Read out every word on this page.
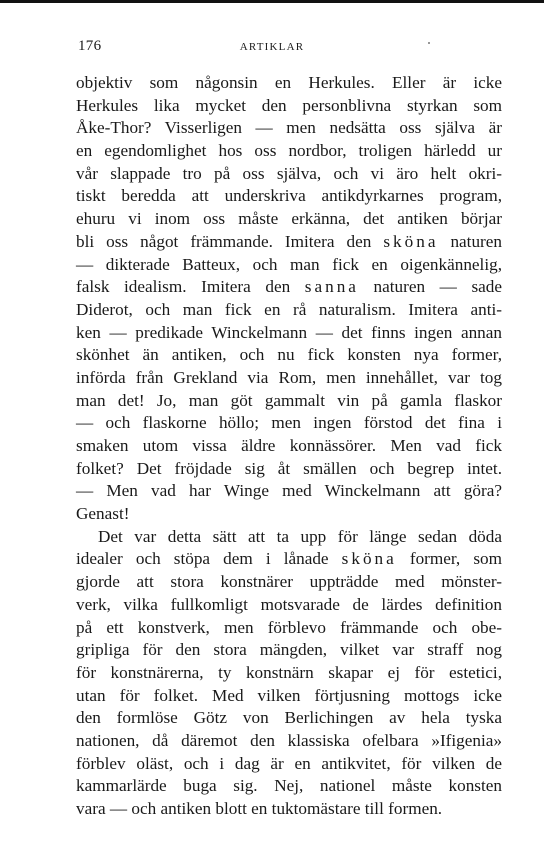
176	ARTIKLAR
objektiv som någonsin en Herkules. Eller är icke
Herkules lika mycket den personblivna styrkan som
Åke-Thor? Visserligen — men nedsätta oss själva är
en egendomlighet hos oss nordbor, troligen härledd ur
vår slappade tro på oss själva, och vi äro helt okri-
tiskt beredda att underskriva antikdyrkarnes program,
ehuru vi inom oss måste erkänna, det antiken börjar
bli oss något främmande. Imitera den sköna naturen
— dikterade Batteux, och man fick en oigenkännelig,
falsk idealism. Imitera den sanna naturen — sade
Diderot, och man fick en rå naturalism. Imitera anti-
ken — predikade Winckelmann — det finns ingen annan
skönhet än antiken, och nu fick konsten nya former,
införda från Grekland via Rom, men innehållet, var tog
man det! Jo, man göt gammalt vin på gamla flaskor
— och flaskorne höllo; men ingen förstod det fina i
smaken utom vissa äldre konnässörer. Men vad fick
folket? Det fröjdade sig åt smällen och begrep intet.
— Men vad har Winge med Winckelmann att göra?
Genast!
Det var detta sätt att ta upp för länge sedan döda
idealer och stöpa dem i lånade sköna former, som
gjorde att stora konstnärer uppträdde med mönster-
verk, vilka fullkomligt motsvarade de lärdes definition
på ett konstverk, men förblevo främmande och obe-
gripliga för den stora mängden, vilket var straff nog
för konstnärerna, ty konstnärn skapar ej för estetici,
utan för folket. Med vilken förtjusning mottogs icke
den formlöse Götz von Berlichingen av hela tyska
nationen, då däremot den klassiska ofelbara »Ifigenia»
förblev oläst, och i dag är en antikvitet, för vilken de
kammarlärde buga sig. Nej, nationel måste konsten
vara — och antiken blott en tuktomästare till formen.
